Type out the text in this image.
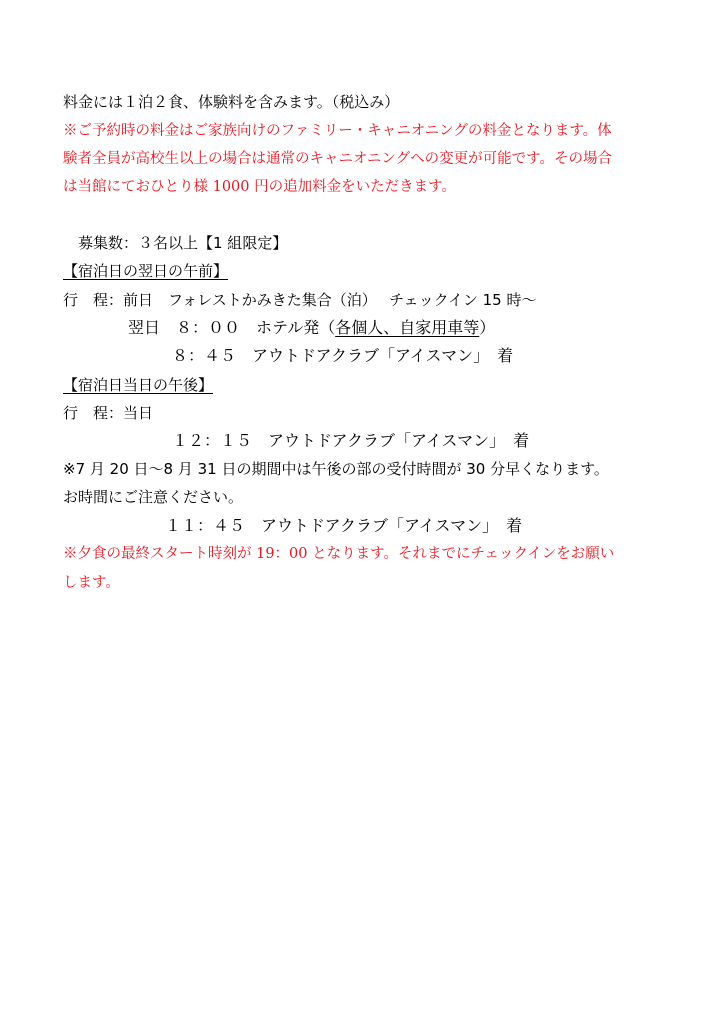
料金には１泊２食、体験料を含みます。（税込み）
※ご予約時の料金はご家族向けのファミリー・キャニオニングの料金となります。体
験者全員が高校生以上の場合は通常のキャニオニングへの変更が可能です。その場合
は当館にておひとり様 1000 円の追加料金をいただきます。
募集数：３名以上【1 組限定】
【宿泊日の翌日の午前】
行　程：前日　フォレストかみきた集合（泊）　 チェックイン 15 時～
翌日　８：００　ホテル発（各個人、自家用車等）
８：４５　アウトドアクラブ「アイスマン」　着
【宿泊日当日の午後】
行　程：当日
１２：１５　アウトドアクラブ「アイスマン」　着
※7 月 20 日～8 月 31 日の期間中は午後の部の受付時間が 30 分早くなります。
お時間にご注意ください。
１１：４５　アウトドアクラブ「アイスマン」　着
※夕食の最終スタート時刻が 19：00 となります。それまでにチェックインをお願い
します。
